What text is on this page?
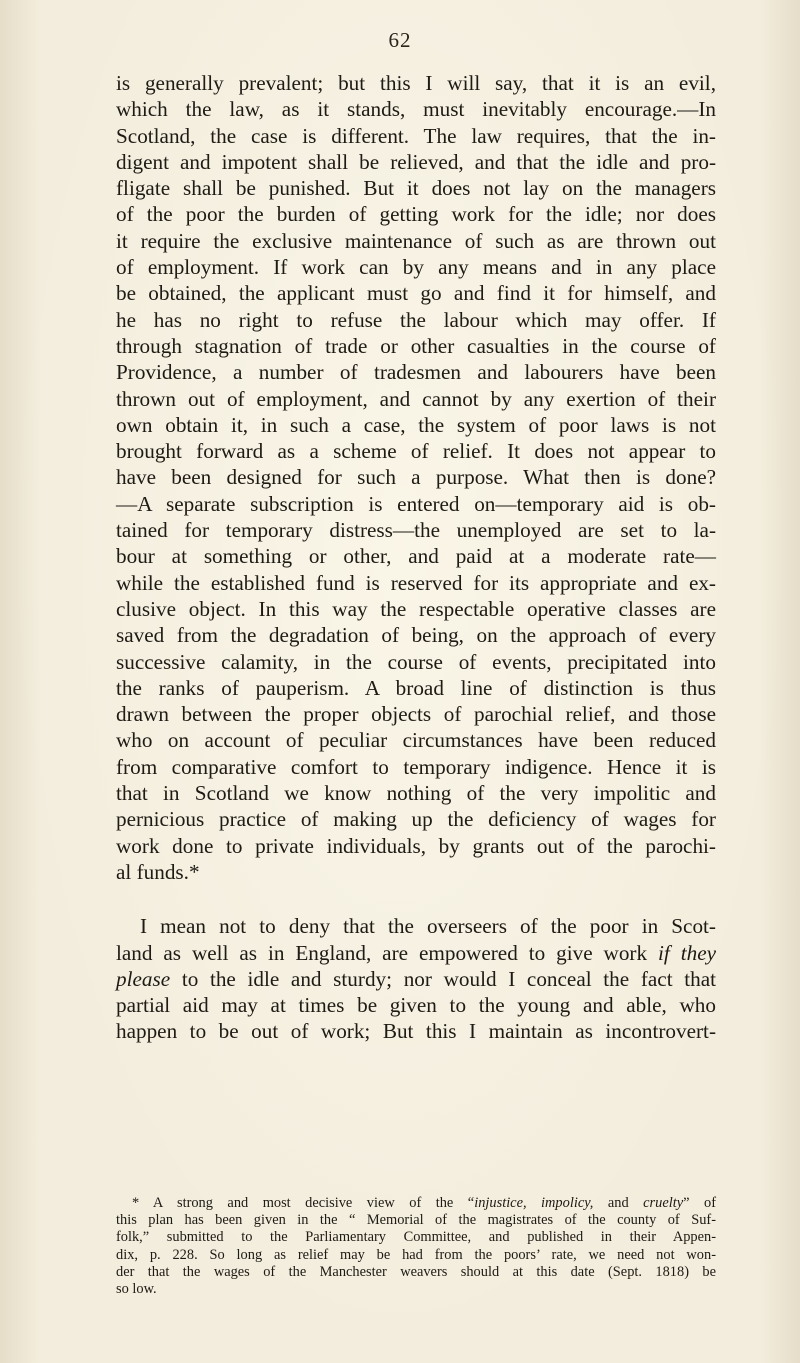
62

is generally prevalent; but this I will say, that it is an evil,
which the law, as it stands, must inevitably encourage.—In
Scotland, the case is different. The law requires, that the in-
digent and impotent shall be relieved, and that the idle and pro-
fligate shall be punished. But it does not lay on the managers
of the poor the burden of getting work for the idle; nor does
it require the exclusive maintenance of such as are thrown out
of employment. If work can by any means and in any place
be obtained, the applicant must go and find it for himself, and
he has no right to refuse the labour which may offer. If
through stagnation of trade or other casualties in the course of
Providence, a number of tradesmen and labourers have been
thrown out of employment, and cannot by any exertion of their
own obtain it, in such a case, the system of poor laws is not
brought forward as a scheme of relief. It does not appear to
have been designed for such a purpose. What then is done?
—A separate subscription is entered on—temporary aid is ob-
tained for temporary distress—the unemployed are set to la-
bour at something or other, and paid at a moderate rate—
while the established fund is reserved for its appropriate and ex-
clusive object. In this way the respectable operative classes are
saved from the degradation of being, on the approach of every
successive calamity, in the course of events, precipitated into
the ranks of pauperism. A broad line of distinction is thus
drawn between the proper objects of parochial relief, and those
who on account of peculiar circumstances have been reduced
from comparative comfort to temporary indigence. Hence it is
that in Scotland we know nothing of the very impolitic and
pernicious practice of making up the deficiency of wages for
work done to private individuals, by grants out of the parochi-
al funds.*

I mean not to deny that the overseers of the poor in Scot-
land as well as in England, are empowered to give work if they
please to the idle and sturdy; nor would I conceal the fact that
partial aid may at times be given to the young and able, who
happen to be out of work; But this I maintain as incontrovert-

* A strong and most decisive view of the “injustice, impolicy, and cruelty” of
this plan has been given in the “ Memorial of the magistrates of the county of Suf-
folk,” submitted to the Parliamentary Committee, and published in their Appen-
dix, p. 228. So long as relief may be had from the poors’ rate, we need not won-
der that the wages of the Manchester weavers should at this date (Sept. 1818) be
so low.
